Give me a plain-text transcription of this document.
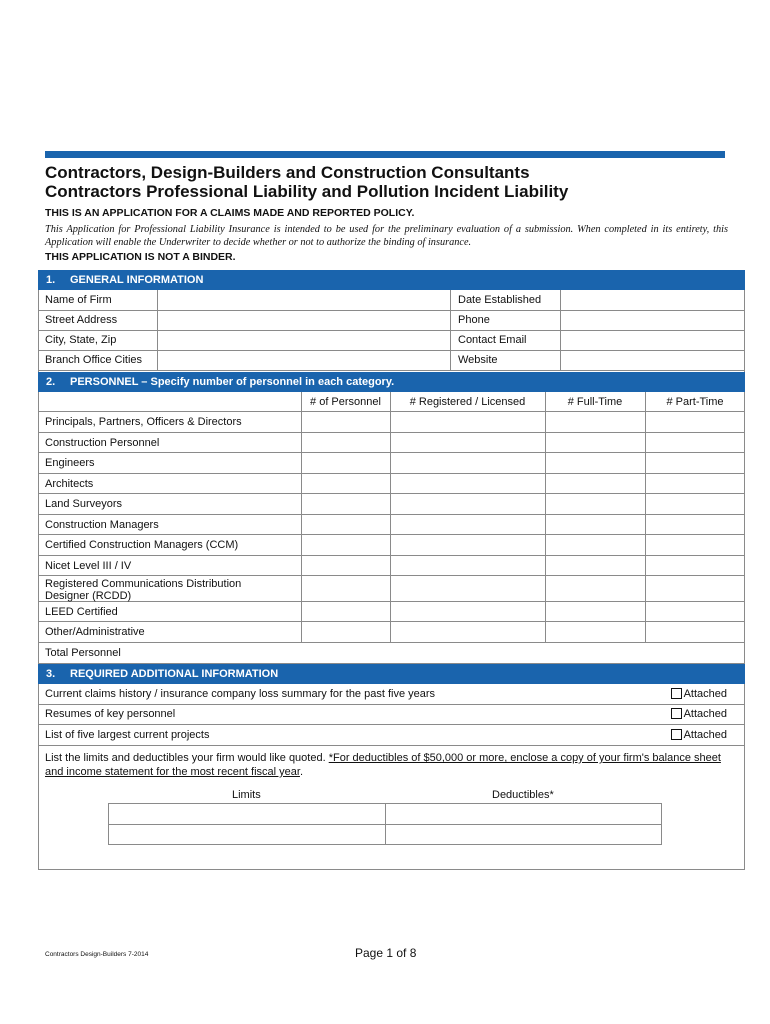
Contractors, Design-Builders and Construction Consultants
Contractors Professional Liability and Pollution Incident Liability
THIS IS AN APPLICATION FOR A CLAIMS MADE AND REPORTED POLICY.
This Application for Professional Liability Insurance is intended to be used for the preliminary evaluation of a submission. When completed in its entirety, this Application will enable the Underwriter to decide whether or not to authorize the binding of insurance.
THIS APPLICATION IS NOT A BINDER.
1. GENERAL INFORMATION
Name of Firm	Date Established
Street Address	Phone
City, State, Zip	Contact Email
Branch Office Cities	Website
2. PERSONNEL – Specify number of personnel in each category.
# of Personnel	# Registered / Licensed	# Full-Time	# Part-Time
Principals, Partners, Officers & Directors
Construction Personnel
Engineers
Architects
Land Surveyors
Construction Managers
Certified Construction Managers (CCM)
Nicet Level III / IV
Registered Communications Distribution Designer (RCDD)
LEED Certified
Other/Administrative
Total Personnel
3. REQUIRED ADDITIONAL INFORMATION
Current claims history / insurance company loss summary for the past five years	Attached
Resumes of key personnel	Attached
List of five largest current projects	Attached
List the limits and deductibles your firm would like quoted. *For deductibles of $50,000 or more, enclose a copy of your firm's balance sheet and income statement for the most recent fiscal year.
Limits	Deductibles*
Contractors Design-Builders 7-2014	Page 1 of 8
